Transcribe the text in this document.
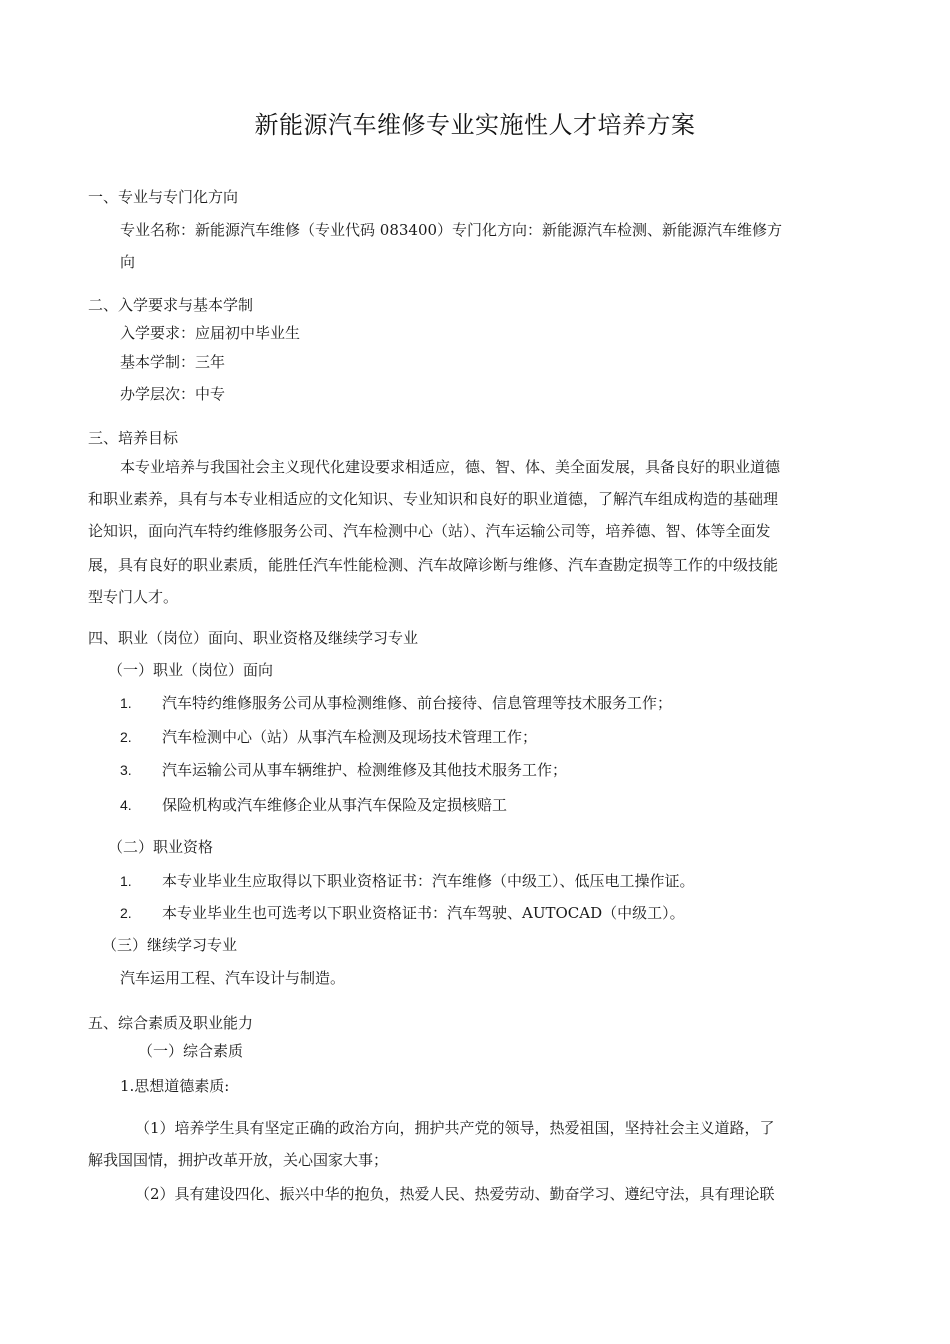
新能源汽车维修专业实施性人才培养方案
一、专业与专门化方向
专业名称：新能源汽车维修（专业代码 083400）专门化方向：新能源汽车检测、新能源汽车维修方
向
二、入学要求与基本学制
入学要求：应届初中毕业生
基本学制：三年
办学层次：中专
三、培养目标
本专业培养与我国社会主义现代化建设要求相适应，德、智、体、美全面发展，具备良好的职业道德
和职业素养，具有与本专业相适应的文化知识、专业知识和良好的职业道德，了解汽车组成构造的基础理
论知识，面向汽车特约维修服务公司、汽车检测中心（站）、汽车运输公司等，培养德、智、体等全面发
展，具有良好的职业素质，能胜任汽车性能检测、汽车故障诊断与维修、汽车查勘定损等工作的中级技能
型专门人才。
四、职业（岗位）面向、职业资格及继续学习专业
（一）职业（岗位）面向
1. 汽车特约维修服务公司从事检测维修、前台接待、信息管理等技术服务工作；
2. 汽车检测中心（站）从事汽车检测及现场技术管理工作；
3. 汽车运输公司从事车辆维护、检测维修及其他技术服务工作；
4. 保险机构或汽车维修企业从事汽车保险及定损核赔工
（二）职业资格
1. 本专业毕业生应取得以下职业资格证书：汽车维修（中级工）、低压电工操作证。
2. 本专业毕业生也可选考以下职业资格证书：汽车驾驶、AUTOCAD（中级工）。
（三）继续学习专业
汽车运用工程、汽车设计与制造。
五、综合素质及职业能力
（一）综合素质
1.思想道德素质:
（1）培养学生具有坚定正确的政治方向，拥护共产党的领导，热爱祖国，坚持社会主义道路，了
解我国国情，拥护改革开放，关心国家大事；
（2）具有建设四化、振兴中华的抱负，热爱人民、热爱劳动、勤奋学习、遵纪守法，具有理论联
